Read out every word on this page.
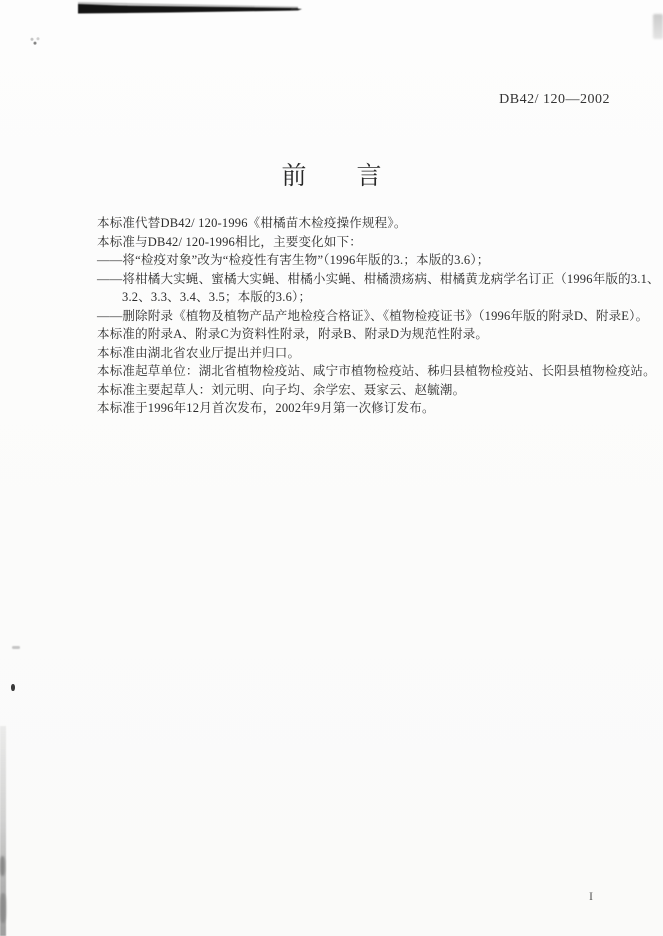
DB42/ 120—2002
前　　言
本标准代替DB42/ 120-1996《柑橘苗木检疫操作规程》。
本标准与DB42/ 120-1996相比，主要变化如下：
——将“检疫对象”改为“检疫性有害生物”（1996年版的3.；本版的3.6）；
——将柑橘大实蝇、蜜橘大实蝇、柑橘小实蝇、柑橘溃疡病、柑橘黄龙病学名订正（1996年版的3.1、
3.2、3.3、3.4、3.5；本版的3.6）；
——删除附录《植物及植物产品产地检疫合格证》、《植物检疫证书》（1996年版的附录D、附录E）。
本标准的附录A、附录C为资料性附录，附录B、附录D为规范性附录。
本标准由湖北省农业厅提出并归口。
本标准起草单位：湖北省植物检疫站、咸宁市植物检疫站、秭归县植物检疫站、长阳县植物检疫站。
本标准主要起草人：刘元明、向子均、余学宏、聂家云、赵毓潮。
本标准于1996年12月首次发布，2002年9月第一次修订发布。
I
